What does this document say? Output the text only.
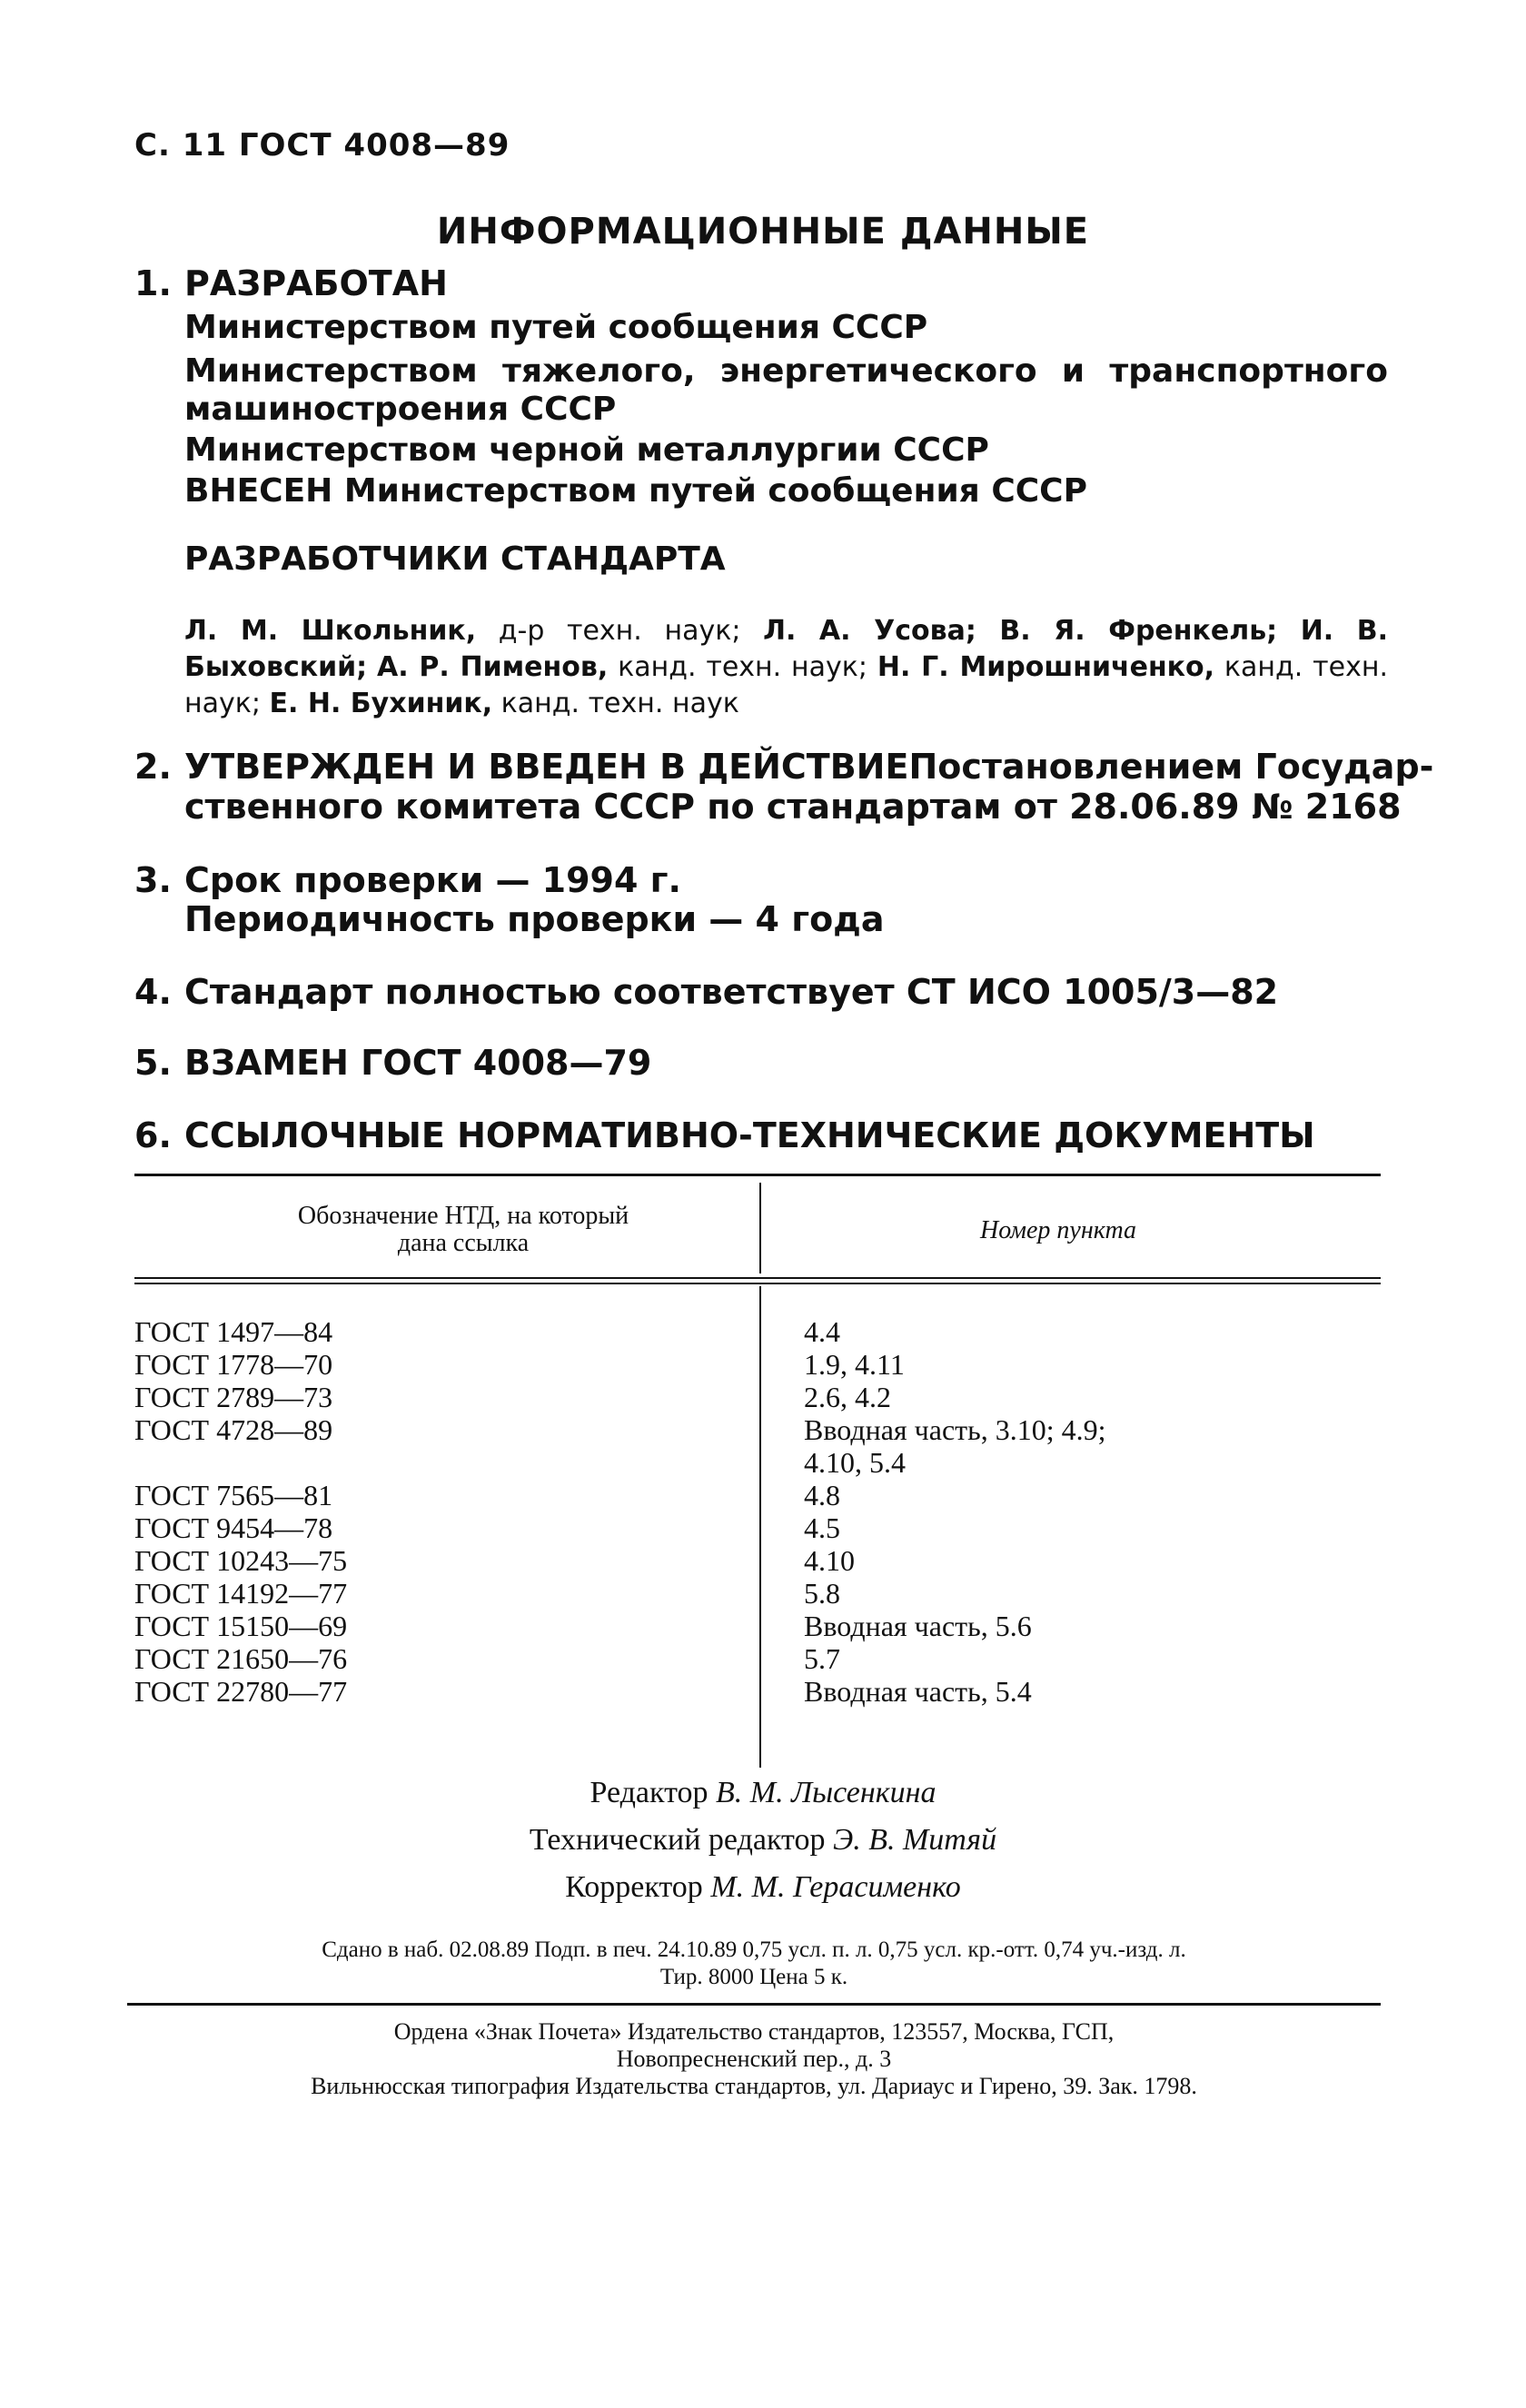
С. 11 ГОСТ 4008—89
ИНФОРМАЦИОННЫЕ ДАННЫЕ
1. РАЗРАБОТАН
Министерством путей сообщения СССР
Министерством тяжелого, энергетического и транспортного
машиностроения СССР
Министерством черной металлургии СССР
ВНЕСЕН Министерством путей сообщения СССР
РАЗРАБОТЧИКИ СТАНДАРТА
Л. М. Школьник, д-р техн. наук; Л. А. Усова; В. Я. Френкель; И. В. Быховский; А. Р. Пименов, канд. техн. наук; Н. Г. Мирошниченко, канд. техн. наук; Е. Н. Бухиник, канд. техн. наук
2. УТВЕРЖДЕН И ВВЕДЕН В ДЕЙСТВИЕ Постановлением Государ-
ственного комитета СССР по стандартам от 28.06.89 № 2168
3. Срок проверки — 1994 г.
Периодичность проверки — 4 года
4. Стандарт полностью соответствует СТ ИСО 1005/3—82
5. ВЗАМЕН ГОСТ 4008—79
6. ССЫЛОЧНЫЕ НОРМАТИВНО-ТЕХНИЧЕСКИЕ ДОКУМЕНТЫ
Обозначение НТД, на который
дана ссылка	Номер пункта
ГОСТ 1497—84
ГОСТ 1778—70
ГОСТ 2789—73
ГОСТ 4728—89
ГОСТ 7565—81
ГОСТ 9454—78
ГОСТ 10243—75
ГОСТ 14192—77
ГОСТ 15150—69
ГОСТ 21650—76
ГОСТ 22780—77
4.4
1.9, 4.11
2.6, 4.2
Вводная часть, 3.10; 4.9;
4.10, 5.4
4.8
4.5
4.10
5.8
Вводная часть, 5.6
5.7
Вводная часть, 5.4
Редактор В. М. Лысенкина
Технический редактор Э. В. Митяй
Корректор М. М. Герасименко
Сдано в наб. 02.08.89 Подп. в печ. 24.10.89 0,75 усл. п. л. 0,75 усл. кр.-отт. 0,74 уч.-изд. л.
Тир. 8000 Цена 5 к.
Ордена «Знак Почета» Издательство стандартов, 123557, Москва, ГСП,
Новопресненский пер., д. 3
Вильнюсская типография Издательства стандартов, ул. Дариаус и Гирено, 39. Зак. 1798.
